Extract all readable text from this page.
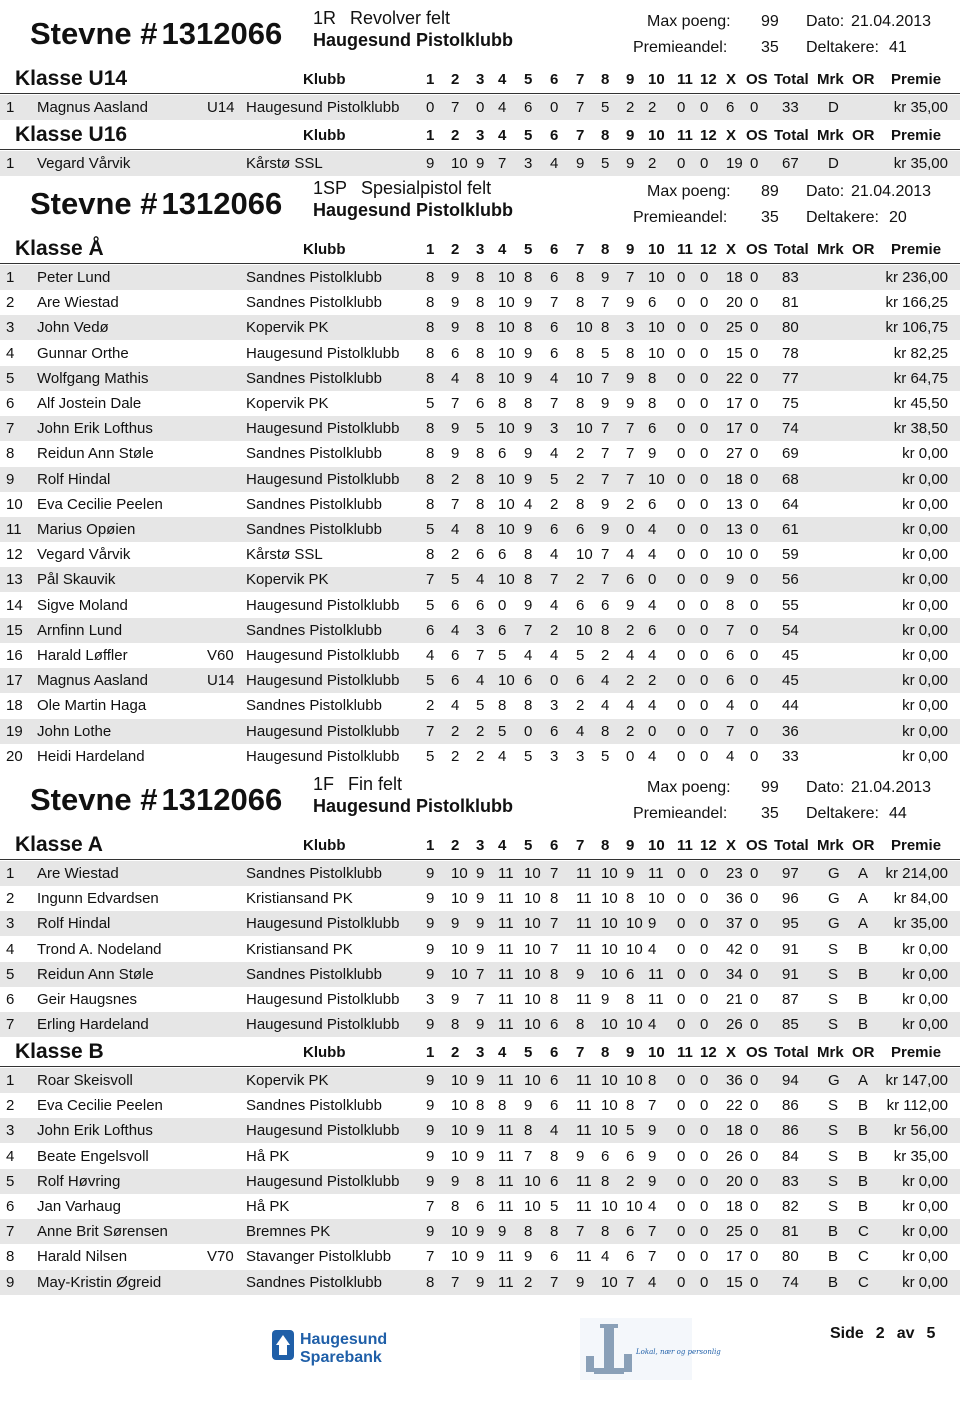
Haugesund
Sparebank	Lokal, nær og personlig
Stevne # 1312066 1R Revolver felt
Haugesund Pistolklubb
Max poeng: 99 Dato: 21.04.2013
Premieandel: 35 Deltakere: 41
Stevne # 1312066 1SP Spesialpistol felt
Haugesund Pistolklubb
Max poeng: 89 Dato: 21.04.2013
Premieandel: 35 Deltakere: 20
Stevne # 1312066 1F Fin felt
Haugesund Pistolklubb
Max poeng: 99 Dato: 21.04.2013
Premieandel: 35 Deltakere: 44
Klasse U14	Klubb	1 2 3 4 5 6 7 8 9 10 11 12 X OS Total Mrk OR Premie
1 Magnus Aasland	U14 Haugesund Pistolklubb 0 7 0 4 6 0 7 5 2 2 0 0 6 0 33 D	kr 35,00
Klasse U16	Klubb	1 2 3 4 5 6 7 8 9 10 11 12 X OS Total Mrk OR Premie
1 Vegard Vårvik	Kårstø SSL	9 10 9 7 3 4 9 5 9 2 0 0 19 0 67 D	kr 35,00
Klasse Å	Klubb	1 2 3 4 5 6 7 8 9 10 11 12 X OS Total Mrk OR Premie
1 Peter Lund	Sandnes Pistolklubb	8 9 8 10 8 6 8 9 7 10 0 0 18 0 83	kr 236,00
2 Are Wiestad	Sandnes Pistolklubb	8 9 8 10 9 7 8 7 9 6 0 0 20 0 81	kr 166,25
3 John Vedø	Kopervik PK	8 9 8 10 8 6 10 8 3 10 0 0 25 0 80	kr 106,75
4 Gunnar Orthe	Haugesund Pistolklubb 8 6 8 10 9 6 8 5 8 10 0 0 15 0 78	kr 82,25
5 Wolfgang Mathis	Sandnes Pistolklubb	8 4 8 10 9 4 10 7 9 8 0 0 22 0 77	kr 64,75
6 Alf Jostein Dale	Kopervik PK	5 7 6 8 8 7 8 9 9 8 0 0 17 0 75	kr 45,50
7 John Erik Lofthus	Haugesund Pistolklubb 8 9 5 10 9 3 10 7 7 6 0 0 17 0 74	kr 38,50
8 Reidun Ann Støle	Sandnes Pistolklubb	8 9 8 6 9 4 2 7 7 9 0 0 27 0 69	kr 0,00
9 Rolf Hindal	Haugesund Pistolklubb 8 2 8 10 9 5 2 7 7 10 0 0 18 0 68	kr 0,00
10 Eva Cecilie Peelen	Sandnes Pistolklubb	8 7 8 10 4 2 8 9 2 6 0 0 13 0 64	kr 0,00
11 Marius Opøien	Sandnes Pistolklubb	5 4 8 10 9 6 6 9 0 4 0 0 13 0 61	kr 0,00
12 Vegard Vårvik	Kårstø SSL	8 2 6 6 8 4 10 7 4 4 0 0 10 0 59	kr 0,00
13 Pål Skauvik	Kopervik PK	7 5 4 10 8 7 2 7 6 0 0 0 9 0 56	kr 0,00
14 Sigve Moland	Haugesund Pistolklubb 5 6 6 0 9 4 6 6 9 4 0 0 8 0 55	kr 0,00
15 Arnfinn Lund	Sandnes Pistolklubb	6 4 3 6 7 2 10 8 2 6 0 0 7 0 54	kr 0,00
16 Harald Løffler	V60 Haugesund Pistolklubb 4 6 7 5 4 4 5 2 4 4 0 0 6 0 45	kr 0,00
17 Magnus Aasland	U14 Haugesund Pistolklubb 5 6 4 10 6 0 6 4 2 2 0 0 6 0 45	kr 0,00
18 Ole Martin Haga	Sandnes Pistolklubb	2 4 5 8 8 3 2 4 4 4 0 0 4 0 44	kr 0,00
19 John Lothe	Haugesund Pistolklubb 7 2 2 5 0 6 4 8 2 0 0 0 7 0 36	kr 0,00
20 Heidi Hardeland	Haugesund Pistolklubb 5 2 2 4 5 3 3 5 0 4 0 0 4 0 33	kr 0,00
Klasse A	Klubb	1 2 3 4 5 6 7 8 9 10 11 12 X OS Total Mrk OR Premie
1 Are Wiestad	Sandnes Pistolklubb	9 10 9 11 10 7 11 10 9 11 0 0 23 0 97 G A kr 214,00
2 Ingunn Edvardsen	Kristiansand PK	9 10 9 11 10 8 11 10 8 10 0 0 36 0 96 G A kr 84,00
3 Rolf Hindal	Haugesund Pistolklubb 9 9 9 11 10 7 11 10 10 9 0 0 37 0 95 G A kr 35,00
4 Trond A. Nodeland	Kristiansand PK	9 10 9 11 10 7 11 10 10 4 0 0 42 0 91 S B kr 0,00
5 Reidun Ann Støle	Sandnes Pistolklubb	9 10 7 11 10 8 9 10 6 11 0 0 34 0 91 S B kr 0,00
6 Geir Haugsnes	Haugesund Pistolklubb 3 9 7 11 10 8 11 9 8 11 0 0 21 0 87 S B kr 0,00
7 Erling Hardeland	Haugesund Pistolklubb 9 8 9 11 10 6 8 10 10 4 0 0 26 0 85 S B kr 0,00
Klasse B	Klubb	1 2 3 4 5 6 7 8 9 10 11 12 X OS Total Mrk OR Premie
1 Roar Skeisvoll	Kopervik PK	9 10 9 11 10 6 11 10 10 8 0 0 36 0 94 G A kr 147,00
2 Eva Cecilie Peelen	Sandnes Pistolklubb	9 10 8 8 9 6 11 10 8 7 0 0 22 0 86 S B kr 112,00
3 John Erik Lofthus	Haugesund Pistolklubb 9 10 9 11 8 4 11 10 5 9 0 0 18 0 86 S B kr 56,00
4 Beate Engelsvoll	Hå PK	9 10 9 11 7 8 9 6 6 9 0 0 26 0 84 S B kr 35,00
5 Rolf Høvring	Haugesund Pistolklubb 9 9 8 11 10 6 11 8 2 9 0 0 20 0 83 S B kr 0,00
6 Jan Varhaug	Hå PK	7 8 6 11 10 5 11 10 10 4 0 0 18 0 82 S B kr 0,00
7 Anne Brit Sørensen	Bremnes PK	9 10 9 9 8 8 7 8 6 7 0 0 25 0 81 B C kr 0,00
8 Harald Nilsen	V70 Stavanger Pistolklubb 7 10 9 11 9 6 11 4 6 7 0 0 17 0 80 B C kr 0,00
9 May-Kristin Øgreid	Sandnes Pistolklubb	8 7 9 11 2 7 9 10 7 4 0 0 15 0 74 B C kr 0,00
Side 2 av 5
